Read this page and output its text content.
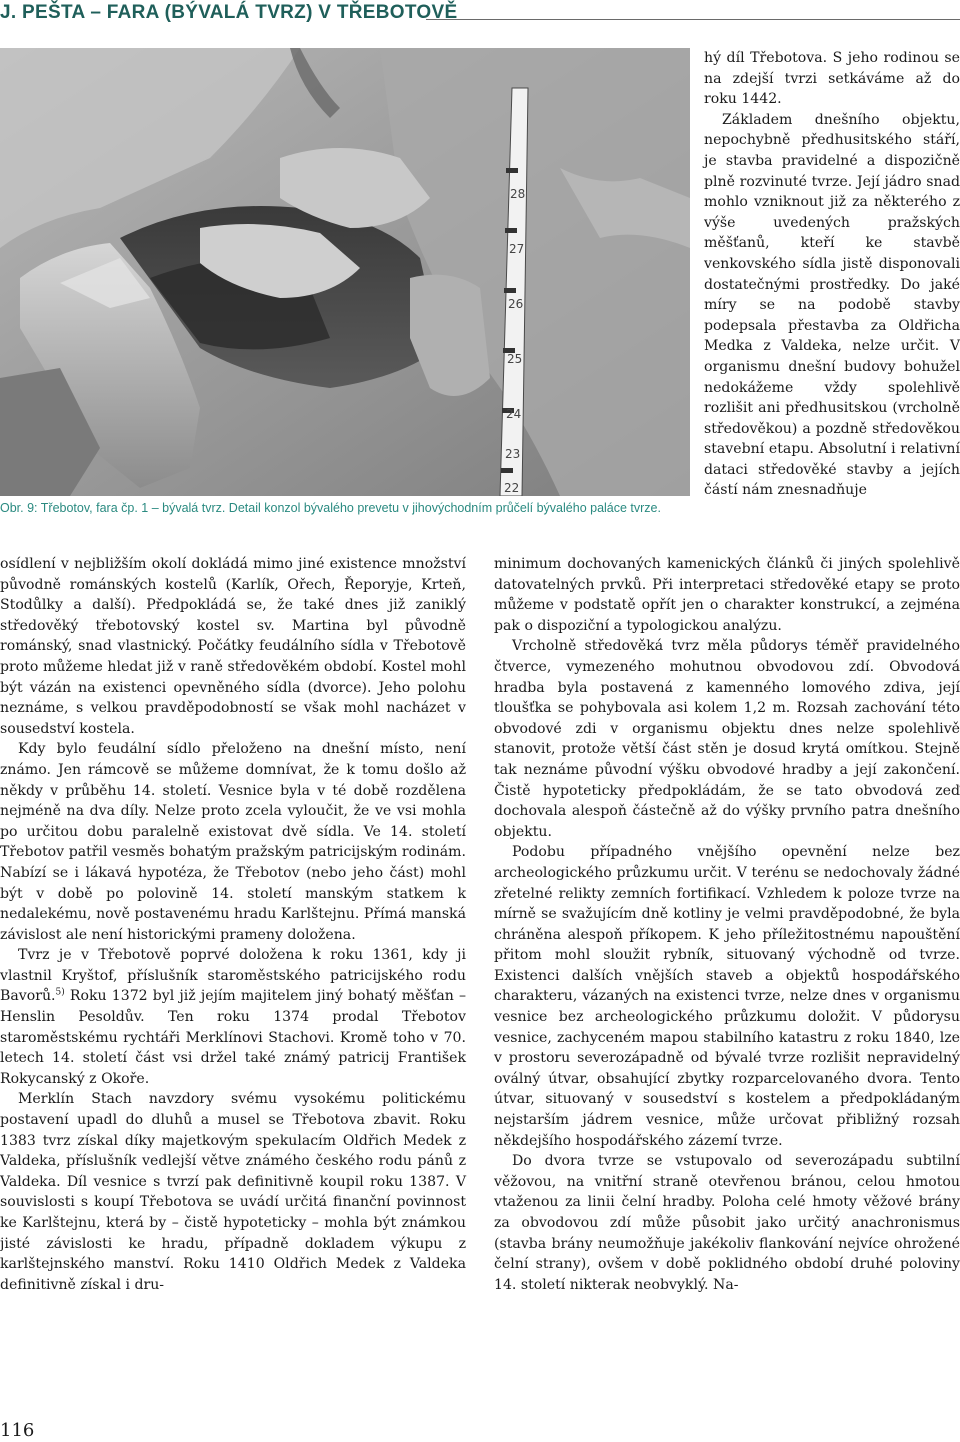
J. PEŠTA – FARA (BÝVALÁ TVRZ) V TŘEBOTOVĚ
28
27
26
25
24
23
22
Obr. 9: Třebotov, fara čp. 1 – bývalá tvrz. Detail konzol bývalého prevetu v jihovýchodním průčelí bývalého paláce tvrze.

hý díl Třebotova. S jeho rodinou se na zdejší tvrzi setkáváme až do roku 1442.

Základem dnešního objektu, nepochybně předhusitského stáří, je stavba pravidelné a dispozičně plně rozvinuté tvrze. Její jádro snad mohlo vzniknout již za některého z výše uvedených pražských měšťanů, kteří ke stavbě venkovského sídla jistě disponovali dostatečnými prostředky. Do jaké míry se na podobě stavby podepsala přestavba za Oldřicha Medka z Valdeka, nelze určit. V organismu dnešní budovy bohužel nedokážeme vždy spolehlivě rozlišit ani předhusitskou (vrcholně středověkou) a pozdně středověkou stavební etapu. Absolutní i relativní dataci středověké stavby a jejích částí nám znesnadňuje

osídlení v nejbližším okolí dokládá mimo jiné existence množství původně románských kostelů (Karlík, Ořech, Řeporyje, Krteň, Stodůlky a další). Předpokládá se, že také dnes již zaniklý středověký třebotovský kostel sv. Martina byl původně románský, snad vlastnický. Počátky feudálního sídla v Třebotově proto můžeme hledat již v raně středověkém období. Kostel mohl být vázán na existenci opevněného sídla (dvorce). Jeho polohu neznáme, s velkou pravděpodobností se však mohl nacházet v sousedství kostela.

Kdy bylo feudální sídlo přeloženo na dnešní místo, není známo. Jen rámcově se můžeme domnívat, že k tomu došlo až někdy v průběhu 14. století. Vesnice byla v té době rozdělena nejméně na dva díly. Nelze proto zcela vyloučit, že ve vsi mohla po určitou dobu paralelně existovat dvě sídla. Ve 14. století Třebotov patřil vesměs bohatým pražským patricijským rodinám. Nabízí se i lákavá hypotéza, že Třebotov (nebo jeho část) mohl být v době po polovině 14. století manským statkem k nedalekému, nově postavenému hradu Karlštejnu. Přímá manská závislost ale není historickými prameny doložena.

Tvrz je v Třebotově poprvé doložena k roku 1361, kdy ji vlastnil Kryštof, příslušník staroměstského patricijského rodu Bavorů.$^{5)}$ Roku 1372 byl již jejím majitelem jiný bohatý měšťan – Henslin Pesoldův. Ten roku 1374 prodal Třebotov staroměstskému rychtáři Merklínovi Stachovi. Kromě toho v 70. letech 14. století část vsi držel také známý patricij František Rokycanský z Okoře.

Merklín Stach navzdory svému vysokému politickému postavení upadl do dluhů a musel se Třebotova zbavit. Roku 1383 tvrz získal díky majetkovým spekulacím Oldřich Medek z Valdeka, příslušník vedlejší větve známého českého rodu pánů z Valdeka. Díl vesnice s tvrzí pak definitivně koupil roku 1387. V souvislosti s koupí Třebotova se uvádí určitá finanční povinnost ke Karlštejnu, která by – čistě hypoteticky – mohla být známkou jisté závislosti ke hradu, případně dokladem výkupu z karlštejnského manství. Roku 1410 Oldřich Medek z Valdeka definitivně získal i dru-

minimum dochovaných kamenických článků či jiných spolehlivě datovatelných prvků. Při interpretaci středověké etapy se proto můžeme v podstatě opřít jen o charakter konstrukcí, a zejména pak o dispoziční a typologickou analýzu.

Vrcholně středověká tvrz měla půdorys téměř pravidelného čtverce, vymezeného mohutnou obvodovou zdí. Obvodová hradba byla postavená z kamenného lomového zdiva, její tloušťka se pohybovala asi kolem 1,2 m. Rozsah zachování této obvodové zdi v organismu objektu dnes nelze spolehlivě stanovit, protože větší část stěn je dosud krytá omítkou. Stejně tak neznáme původní výšku obvodové hradby a její zakončení. Čistě hypoteticky předpokládám, že se tato obvodová zeď dochovala alespoň částečně až do výšky prvního patra dnešního objektu.

Podobu případného vnějšího opevnění nelze bez archeologického průzkumu určit. V terénu se nedochovaly žádné zřetelné relikty zemních fortifikací. Vzhledem k poloze tvrze na mírně se svažujícím dně kotliny je velmi pravděpodobné, že byla chráněna alespoň příkopem. K jeho příležitostnému napouštění přitom mohl sloužit rybník, situovaný východně od tvrze. Existenci dalších vnějších staveb a objektů hospodářského charakteru, vázaných na existenci tvrze, nelze dnes v organismu vesnice bez archeologického průzkumu doložit. V půdorysu vesnice, zachyceném mapou stabilního katastru z roku 1840, lze v prostoru severozápadně od bývalé tvrze rozlišit nepravidelný oválný útvar, obsahující zbytky rozparcelovaného dvora. Tento útvar, situovaný v sousedství s kostelem a předpokládaným nejstarším jádrem vesnice, může určovat přibližný rozsah někdejšího hospodářského zázemí tvrze.

Do dvora tvrze se vstupovalo od severozápadu subtilní věžovou, na vnitřní straně otevřenou bránou, celou hmotou vtaženou za linii čelní hradby. Poloha celé hmoty věžové brány za obvodovou zdí může působit jako určitý anachronismus (stavba brány neumožňuje jakékoliv flankování nejvíce ohrožené čelní strany), ovšem v době poklidného období druhé poloviny 14. století nikterak neobvyklý. Na-

116
